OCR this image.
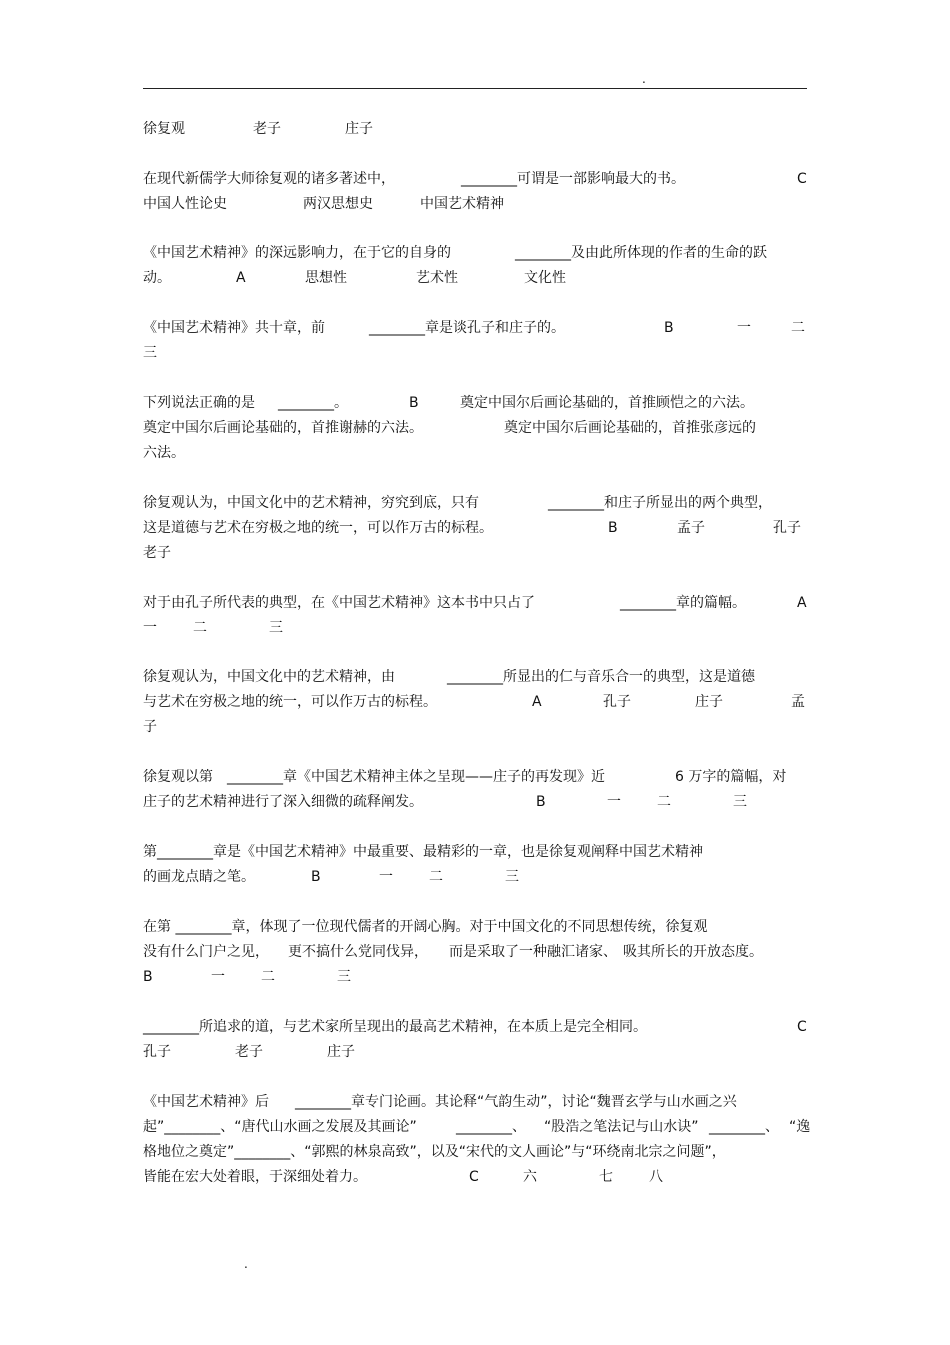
.
徐复观	老子	庄子
在现代新儒学大师徐复观的诸多著述中，	________可谓是一部影响最大的书。	C
中国人性论史	两汉思想史	中国艺术精神
《中国艺术精神》的深远影响力，在于它的自身的	________及由此所体现的作者的生命的跃
动。	A	思想性	艺术性	文化性
《中国艺术精神》共十章，前	________章是谈孔子和庄子的。	B	一	二
三
下列说法正确的是 ________。	B	奠定中国尔后画论基础的，首推顾恺之的六法。
奠定中国尔后画论基础的，首推谢赫的六法。	奠定中国尔后画论基础的，首推张彦远的
六法。
徐复观认为，中国文化中的艺术精神，穷究到底，只有	________和庄子所显出的两个典型，
这是道德与艺术在穷极之地的统一，可以作万古的标程。	B	孟子	孔子
老子
对于由孔子所代表的典型，在《中国艺术精神》这本书中只占了	________章的篇幅。	A
一	二	三
徐复观认为，中国文化中的艺术精神，由	________所显出的仁与音乐合一的典型，这是道德
与艺术在穷极之地的统一，可以作万古的标程。	A	孔子	庄子	孟
子
徐复观以第 ________章《中国艺术精神主体之呈现——庄子的再发现》近	6 万字的篇幅，对
庄子的艺术精神进行了深入细微的疏释阐发。	B	一	二	三
第________章是《中国艺术精神》中最重要、最精彩的一章，也是徐复观阐释中国艺术精神
的画龙点睛之笔。	B	一	二	三
在第 ________章，体现了一位现代儒者的开阔心胸。对于中国文化的不同思想传统，徐复观
没有什么门户之见， 更不搞什么党同伐异， 而是采取了一种融汇诸家、 吸其所长的开放态度。
B	一	二	三
________所追求的道，与艺术家所呈现出的最高艺术精神，在本质上是完全相同。	C
孔子	老子	庄子
《中国艺术精神》后 ________章专门论画。其论释“气韵生动”，讨论“魏晋玄学与山水画之兴
起”________、“唐代山水画之发展及其画论”	________、 “股浩之笔法记与山水诀” ________、 “逸
格地位之奠定”________、“郭熙的林泉高致”，以及“宋代的文人画论”与“环绕南北宗之问题”，
皆能在宏大处着眼，于深细处着力。	C	六	七	八
.
